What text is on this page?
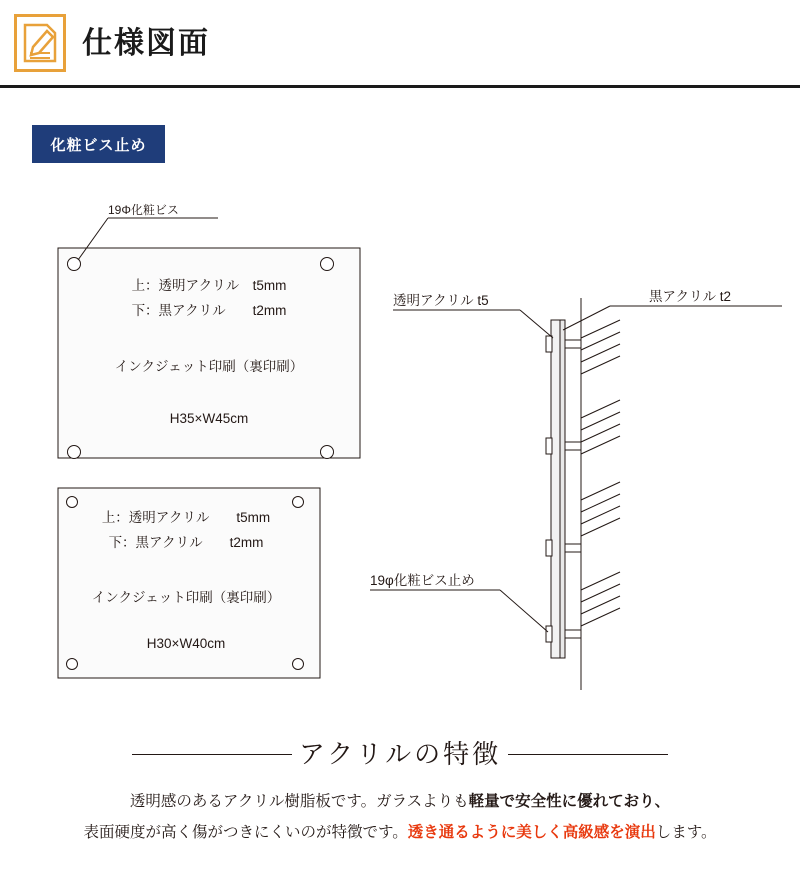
仕様図面
化粧ビス止め
19Φ化粧ビス
上：透明アクリル　t5mm
下：黒アクリル　　t2mm
インクジェット印刷（裏印刷）
H35×W45cm
上：透明アクリル　　t5mm
下：黒アクリル　　t2mm
インクジェット印刷（裏印刷）
H30×W40cm
透明アクリル t5	黒アクリル t2
19φ化粧ビス止め
アクリルの特徴
透明感のあるアクリル樹脂板です。ガラスよりも軽量で安全性に優れており、
表面硬度が高く傷がつきにくいのが特徴です。透き通るように美しく高級感を演出します。
